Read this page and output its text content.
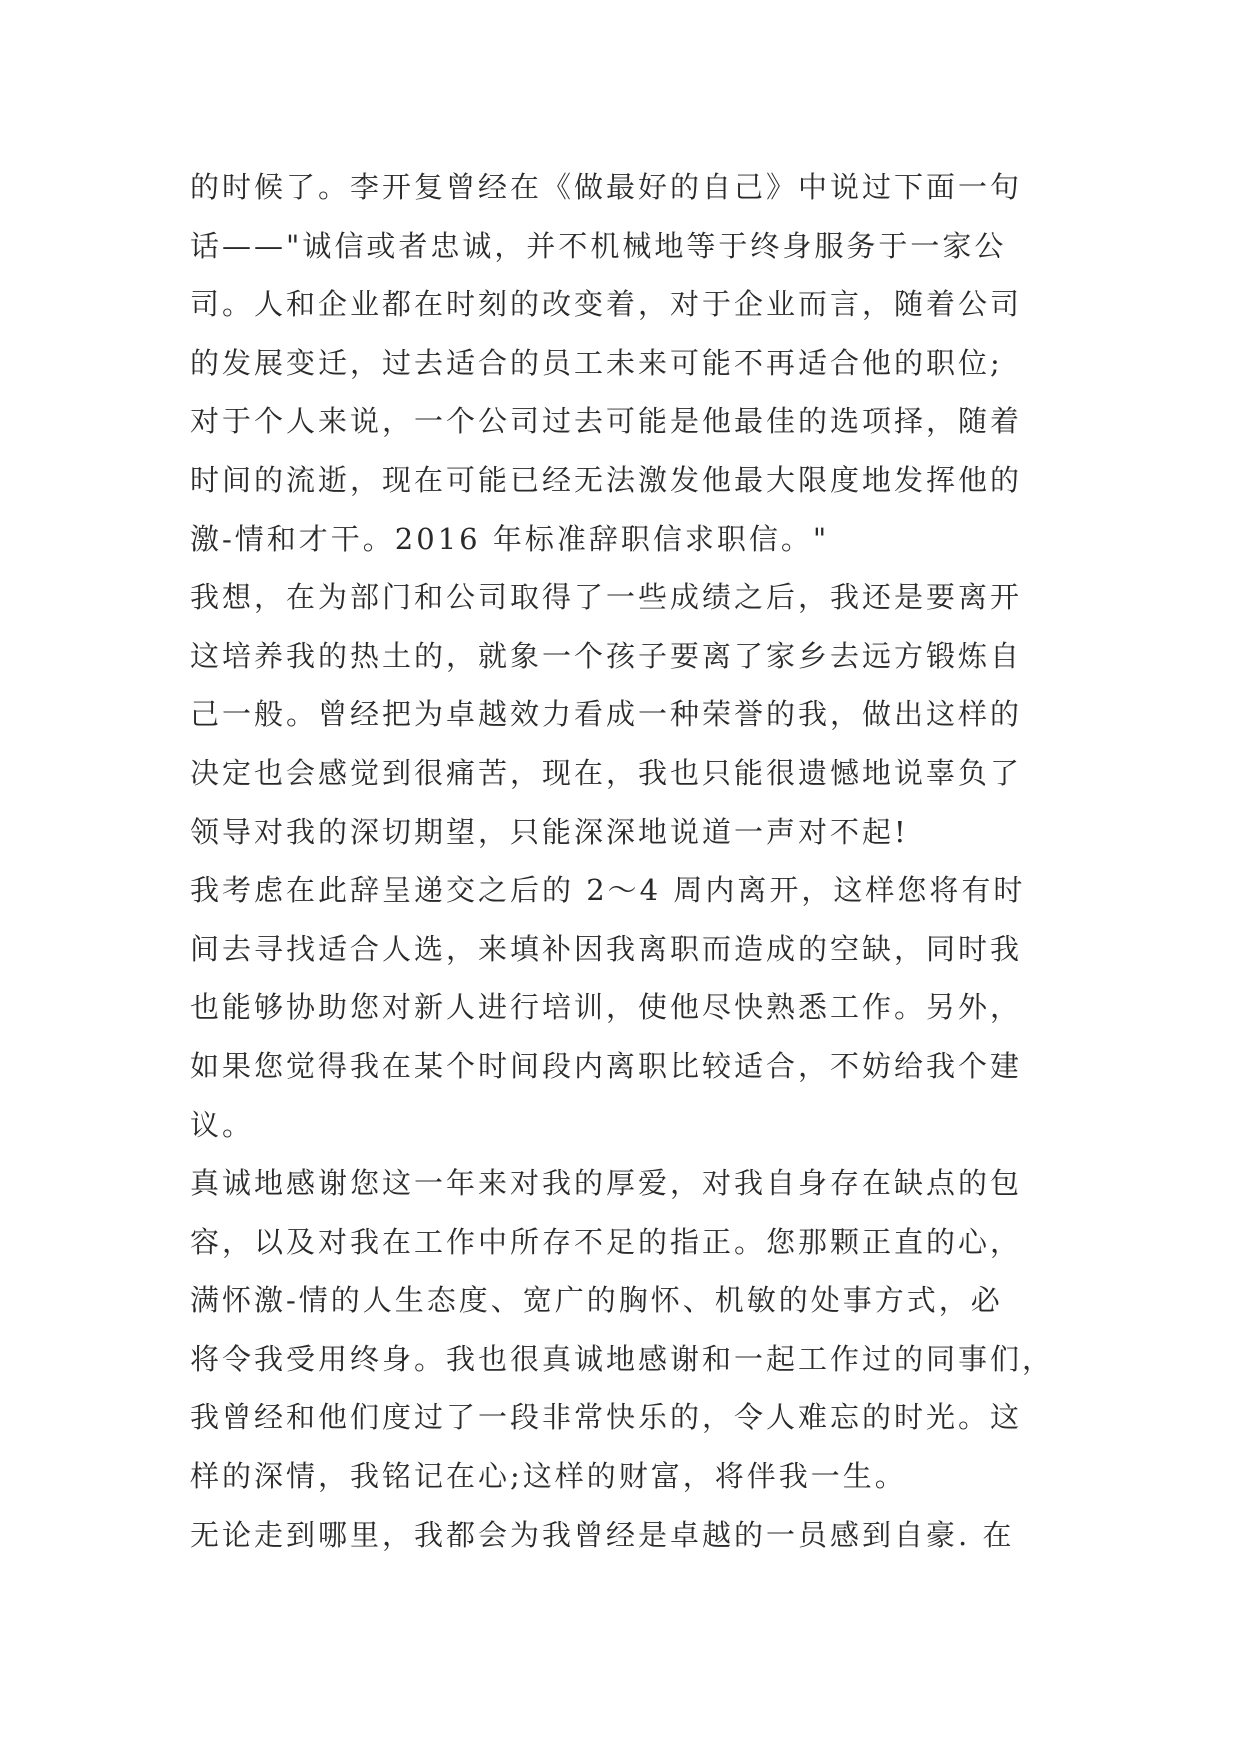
的时候了。李开复曾经在《做最好的自己》中说过下面一句
话——"诚信或者忠诚，并不机械地等于终身服务于一家公
司。人和企业都在时刻的改变着，对于企业而言，随着公司
的发展变迁，过去适合的员工未来可能不再适合他的职位;
对于个人来说，一个公司过去可能是他最佳的选项择，随着
时间的流逝，现在可能已经无法激发他最大限度地发挥他的
激-情和才干。2016 年标准辞职信求职信。"
我想，在为部门和公司取得了一些成绩之后，我还是要离开
这培养我的热土的，就象一个孩子要离了家乡去远方锻炼自
己一般。曾经把为卓越效力看成一种荣誉的我，做出这样的
决定也会感觉到很痛苦，现在，我也只能很遗憾地说辜负了
领导对我的深切期望，只能深深地说道一声对不起!
我考虑在此辞呈递交之后的 2～4 周内离开，这样您将有时
间去寻找适合人选，来填补因我离职而造成的空缺，同时我
也能够协助您对新人进行培训，使他尽快熟悉工作。另外，
如果您觉得我在某个时间段内离职比较适合，不妨给我个建
议。
真诚地感谢您这一年来对我的厚爱，对我自身存在缺点的包
容，以及对我在工作中所存不足的指正。您那颗正直的心，
满怀激-情的人生态度、宽广的胸怀、机敏的处事方式，必
将令我受用终身。我也很真诚地感谢和一起工作过的同事们，
我曾经和他们度过了一段非常快乐的，令人难忘的时光。这
样的深情，我铭记在心;这样的财富，将伴我一生。
无论走到哪里，我都会为我曾经是卓越的一员感到自豪. 在
